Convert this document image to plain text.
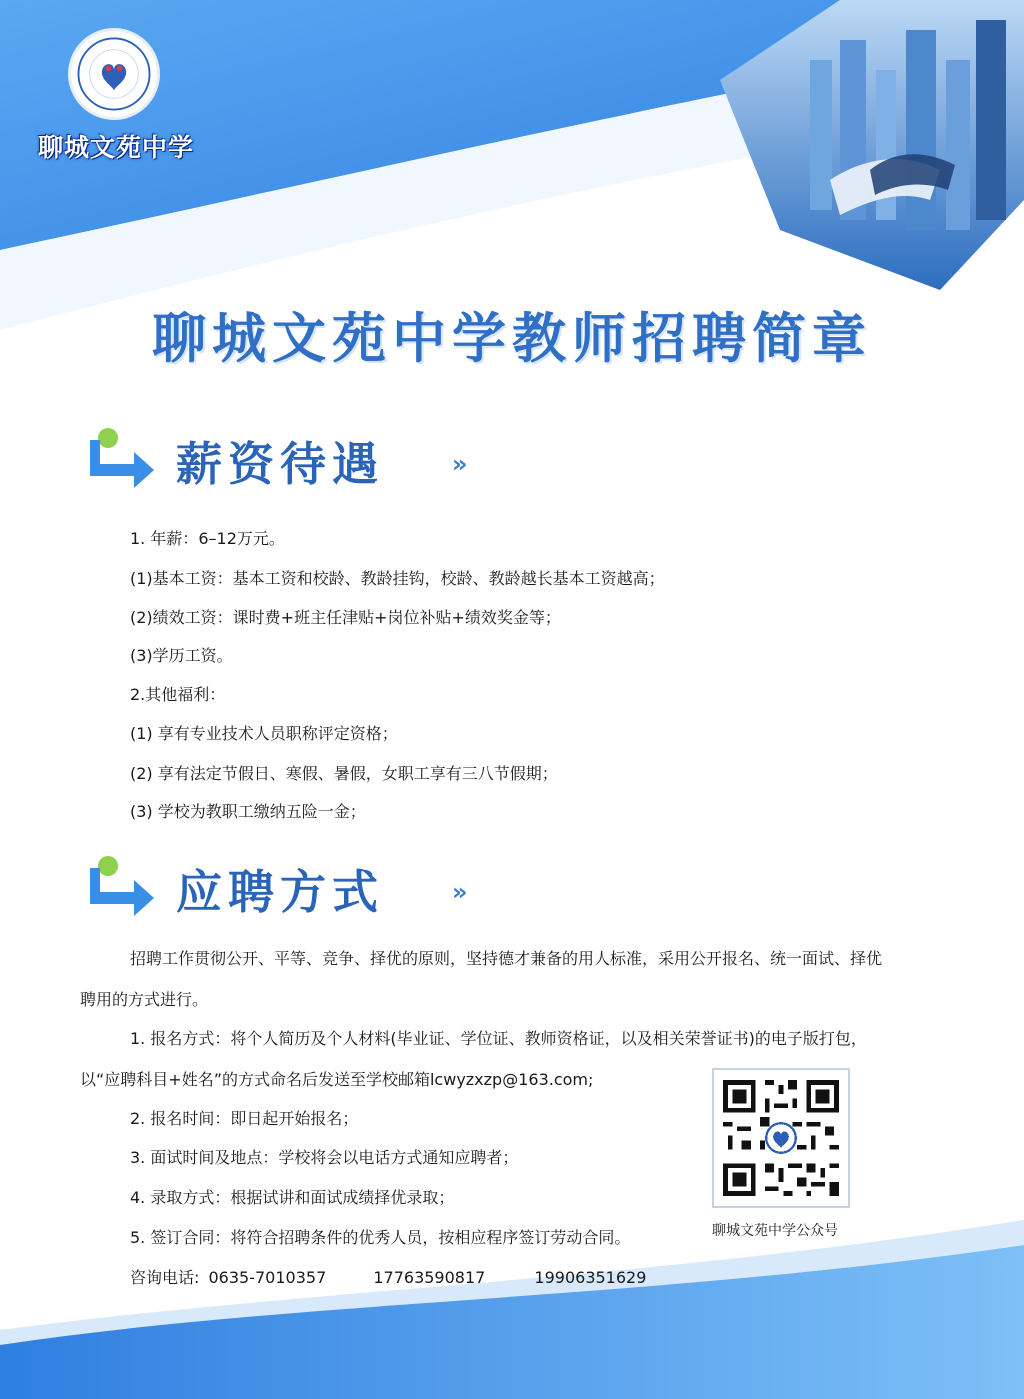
聊城文苑中学
聊城文苑中学教师招聘简章
薪资待遇	»
1. 年薪：6–12万元。
(1)基本工资：基本工资和校龄、教龄挂钩，校龄、教龄越长基本工资越高；
(2)绩效工资：课时费+班主任津贴+岗位补贴+绩效奖金等；
(3)学历工资。
2.其他福利：
(1) 享有专业技术人员职称评定资格；
(2) 享有法定节假日、寒假、暑假，女职工享有三八节假期；
(3) 学校为教职工缴纳五险一金；
应聘方式	»
招聘工作贯彻公开、平等、竞争、择优的原则，坚持德才兼备的用人标准，采用公开报名、统一面试、择优聘用的方式进行。
1. 报名方式：将个人简历及个人材料(毕业证、学位证、教师资格证，以及相关荣誉证书)的电子版打包，以“应聘科目+姓名”的方式命名后发送至学校邮箱lcwyzxzp@163.com;
2. 报名时间：即日起开始报名；
3. 面试时间及地点：学校将会以电话方式通知应聘者；
4. 录取方式：根据试讲和面试成绩择优录取；
5. 签订合同：将符合招聘条件的优秀人员，按相应程序签订劳动合同。
咨询电话: 0635-7010357	17763590817	19906351629
聊城文苑中学公众号
